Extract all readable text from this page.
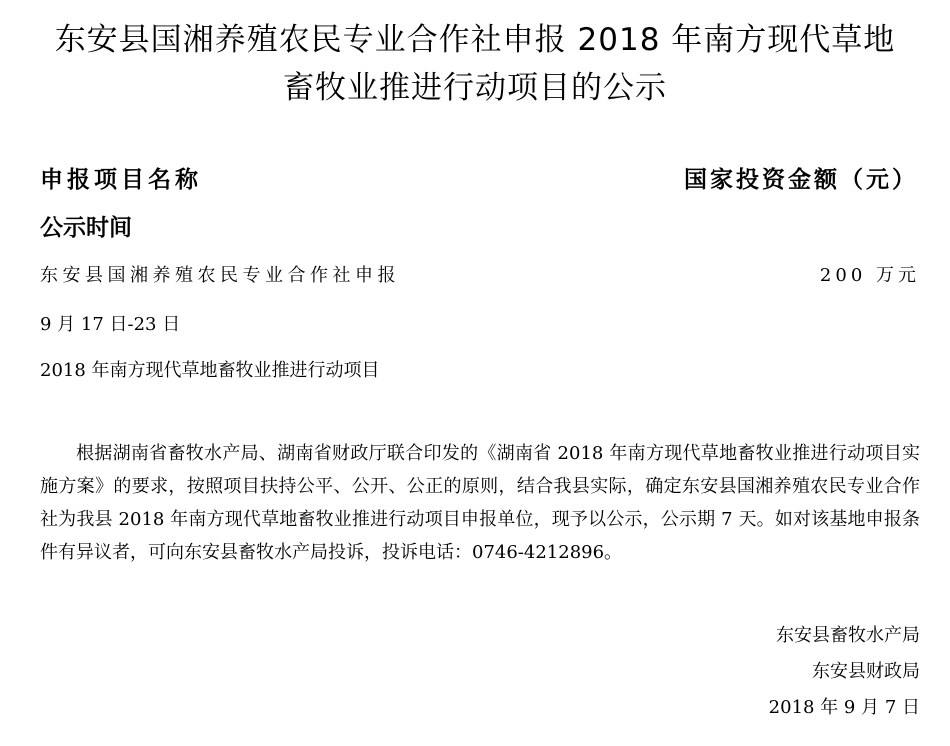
东安县国湘养殖农民专业合作社申报 2018 年南方现代草地
畜牧业推进行动项目的公示
申报项目名称	国家投资金额（元）
公示时间
东安县国湘养殖农民专业合作社申报	200 万元
9 月 17 日-23 日
2018 年南方现代草地畜牧业推进行动项目

根据湖南省畜牧水产局、湖南省财政厅联合印发的《湖南省 2018 年南方现代草地畜牧业推进行动项目实施方案》的要求，按照项目扶持公平、公开、公正的原则，结合我县实际，确定东安县国湘养殖农民专业合作社为我县 2018 年南方现代草地畜牧业推进行动项目申报单位，现予以公示，公示期 7 天。如对该基地申报条件有异议者，可向东安县畜牧水产局投诉，投诉电话：0746-4212896。

东安县畜牧水产局
东安县财政局
2018 年 9 月 7 日
